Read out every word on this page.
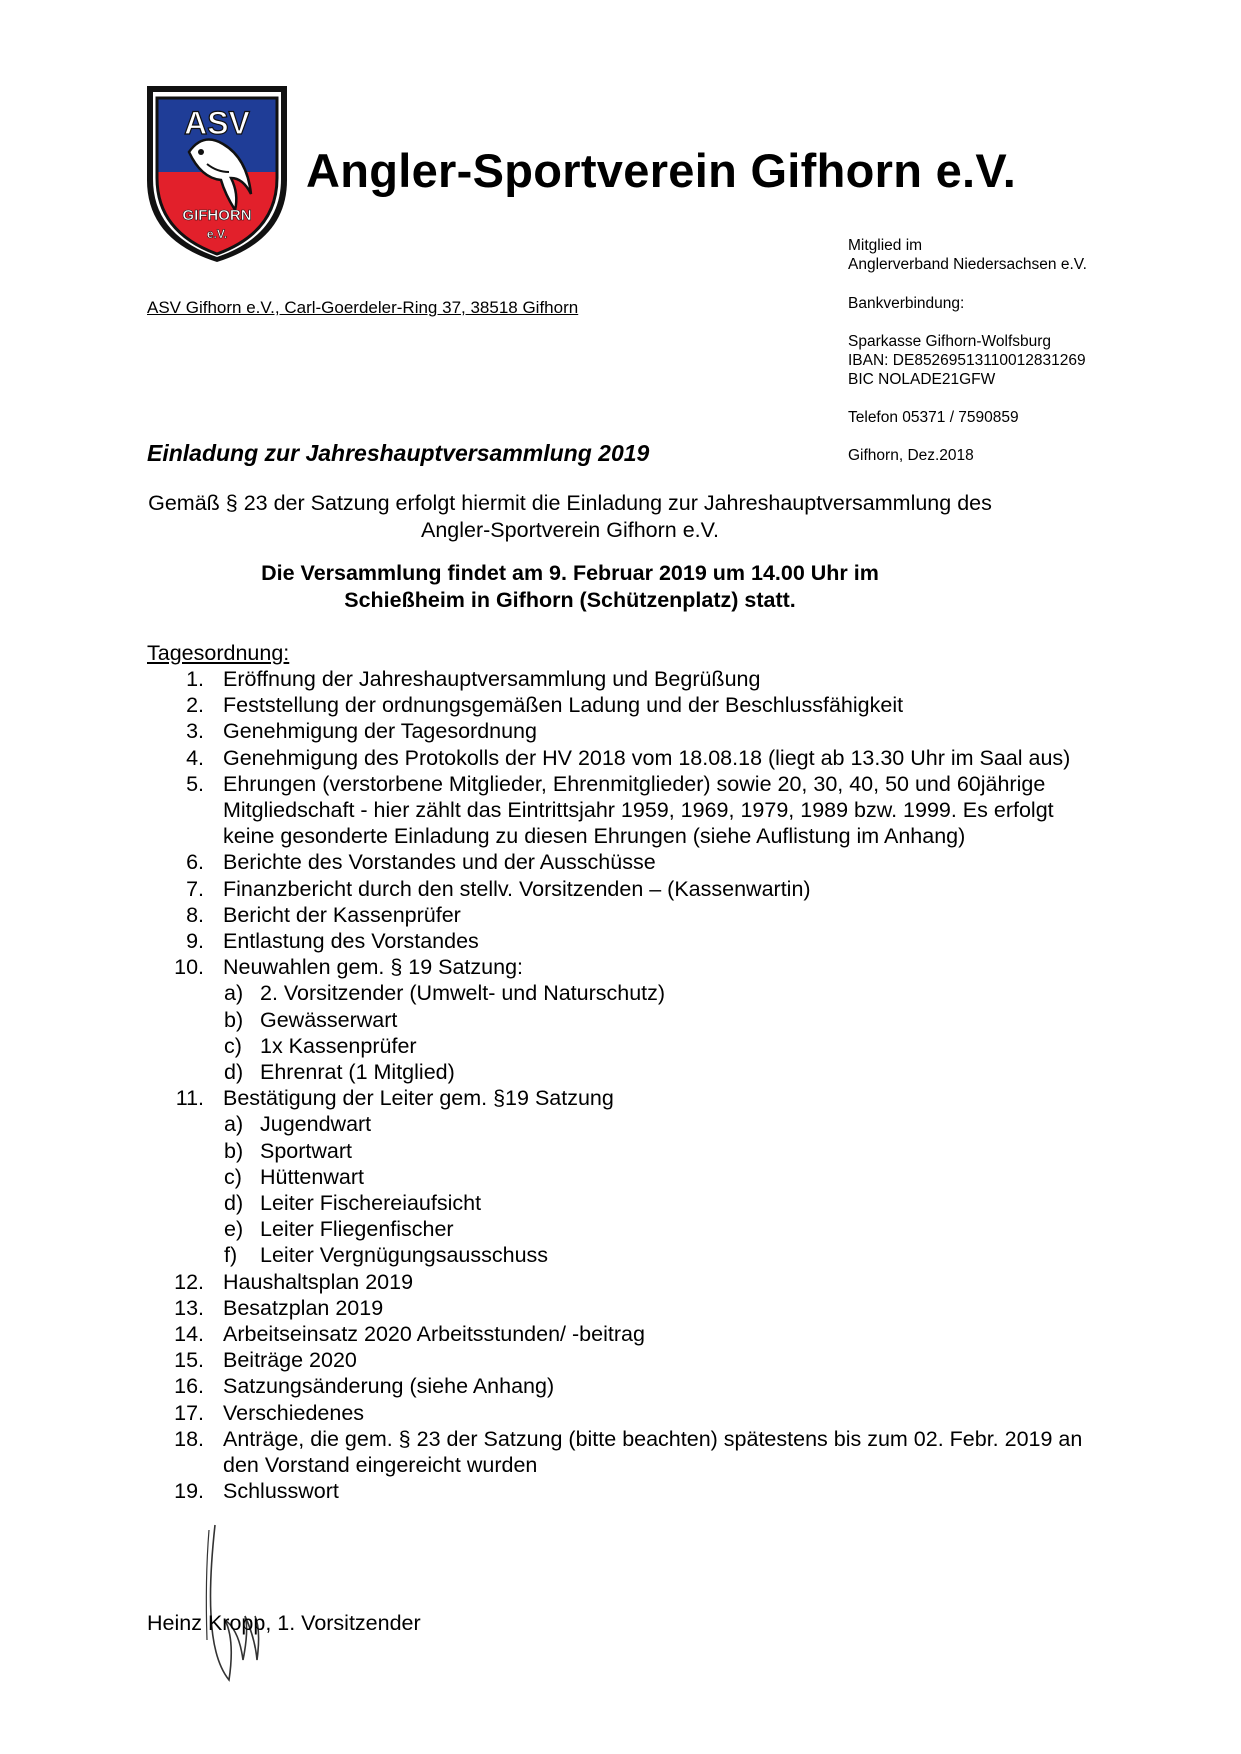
ASV
GIFHORN
e.V.
Angler-Sportverein Gifhorn e.V.
Mitglied im
Anglerverband Niedersachsen e.V.
Bankverbindung:
Sparkasse Gifhorn-Wolfsburg
IBAN: DE85269513110012831269
BIC NOLADE21GFW
Telefon 05371 / 7590859
Gifhorn, Dez.2018
ASV Gifhorn e.V., Carl-Goerdeler-Ring 37, 38518 Gifhorn
Einladung zur Jahreshauptversammlung 2019
Gemäß § 23 der Satzung erfolgt hiermit die Einladung zur Jahreshauptversammlung des
Angler-Sportverein Gifhorn e.V.
Die Versammlung findet am 9. Februar 2019 um 14.00 Uhr im
Schießheim in Gifhorn (Schützenplatz) statt.
Tagesordnung:
1. Eröffnung der Jahreshauptversammlung und Begrüßung
2. Feststellung der ordnungsgemäßen Ladung und der Beschlussfähigkeit
3. Genehmigung der Tagesordnung
4. Genehmigung des Protokolls der HV 2018 vom 18.08.18 (liegt ab 13.30 Uhr im Saal aus)
5. Ehrungen (verstorbene Mitglieder, Ehrenmitglieder) sowie 20, 30, 40, 50 und 60jährige Mitgliedschaft - hier zählt das Eintrittsjahr 1959, 1969, 1979, 1989 bzw. 1999. Es erfolgt keine gesonderte Einladung zu diesen Ehrungen (siehe Auflistung im Anhang)
6. Berichte des Vorstandes und der Ausschüsse
7. Finanzbericht durch den stellv. Vorsitzenden – (Kassenwartin)
8. Bericht der Kassenprüfer
9. Entlastung des Vorstandes
10. Neuwahlen gem. § 19 Satzung:
a) 2. Vorsitzender (Umwelt- und Naturschutz)
b) Gewässerwart
c) 1x Kassenprüfer
d) Ehrenrat (1 Mitglied)
11. Bestätigung der Leiter gem. §19 Satzung
a) Jugendwart
b) Sportwart
c) Hüttenwart
d) Leiter Fischereiaufsicht
e) Leiter Fliegenfischer
f)	Leiter Vergnügungsausschuss
12. Haushaltsplan 2019
13. Besatzplan 2019
14. Arbeitseinsatz 2020 Arbeitsstunden/ -beitrag
15. Beiträge 2020
16. Satzungsänderung (siehe Anhang)
17. Verschiedenes
18. Anträge, die gem. § 23 der Satzung (bitte beachten) spätestens bis zum 02. Febr. 2019 an den Vorstand eingereicht wurden
19. Schlusswort
Heinz Kropp, 1. Vorsitzender
